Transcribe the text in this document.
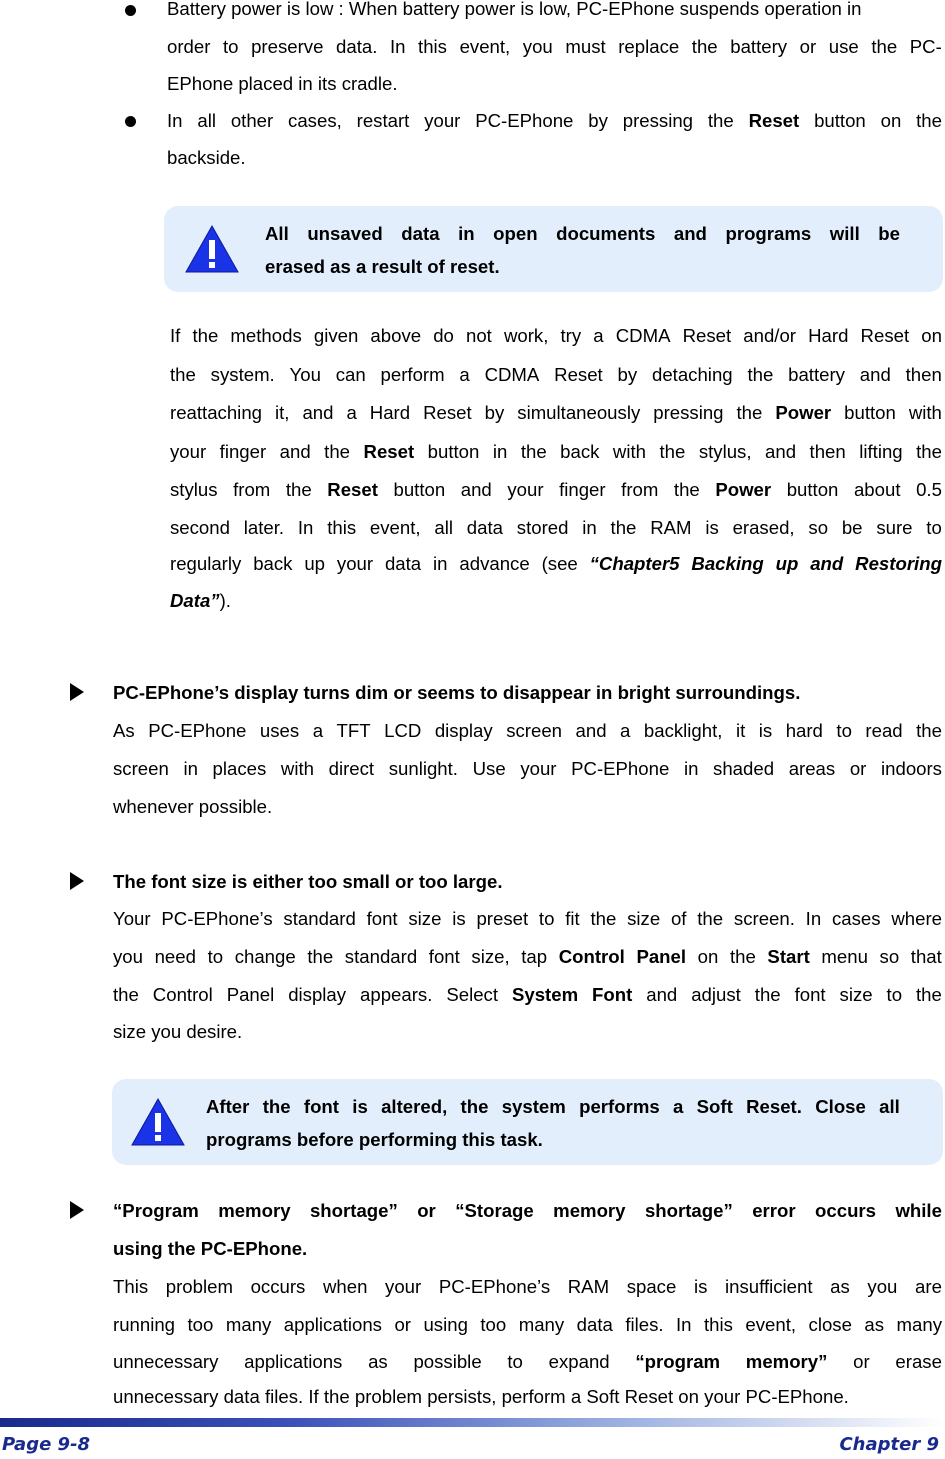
Battery power is low : When battery power is low, PC-EPhone suspends operation in
order to preserve data. In this event, you must replace the battery or use the PC-
EPhone placed in its cradle.
In all other cases, restart your PC-EPhone by pressing the Reset button on the
backside.
All unsaved data in open documents and programs will be
erased as a result of reset.
If the methods given above do not work, try a CDMA Reset and/or Hard Reset on
the system. You can perform a CDMA Reset by detaching the battery and then
reattaching it, and a Hard Reset by simultaneously pressing the Power button with
your finger and the Reset button in the back with the stylus, and then lifting the
stylus from the Reset button and your finger from the Power button about 0.5
second later. In this event, all data stored in the RAM is erased, so be sure to
regularly back up your data in advance (see “Chapter5 Backing up and Restoring
Data”).
PC-EPhone’s display turns dim or seems to disappear in bright surroundings.
As PC-EPhone uses a TFT LCD display screen and a backlight, it is hard to read the
screen in places with direct sunlight. Use your PC-EPhone in shaded areas or indoors
whenever possible.
The font size is either too small or too large.
Your PC-EPhone’s standard font size is preset to fit the size of the screen. In cases where
you need to change the standard font size, tap Control Panel on the Start menu so that
the Control Panel display appears. Select System Font and adjust the font size to the
size you desire.
After the font is altered, the system performs a Soft Reset. Close all
programs before performing this task.
“Program memory shortage” or “Storage memory shortage” error occurs while
using the PC-EPhone.
This problem occurs when your PC-EPhone’s RAM space is insufficient as you are
running too many applications or using too many data files. In this event, close as many
unnecessary applications as possible to expand “program memory” or erase
unnecessary data files. If the problem persists, perform a Soft Reset on your PC-EPhone.
Page 9-8	Chapter 9
